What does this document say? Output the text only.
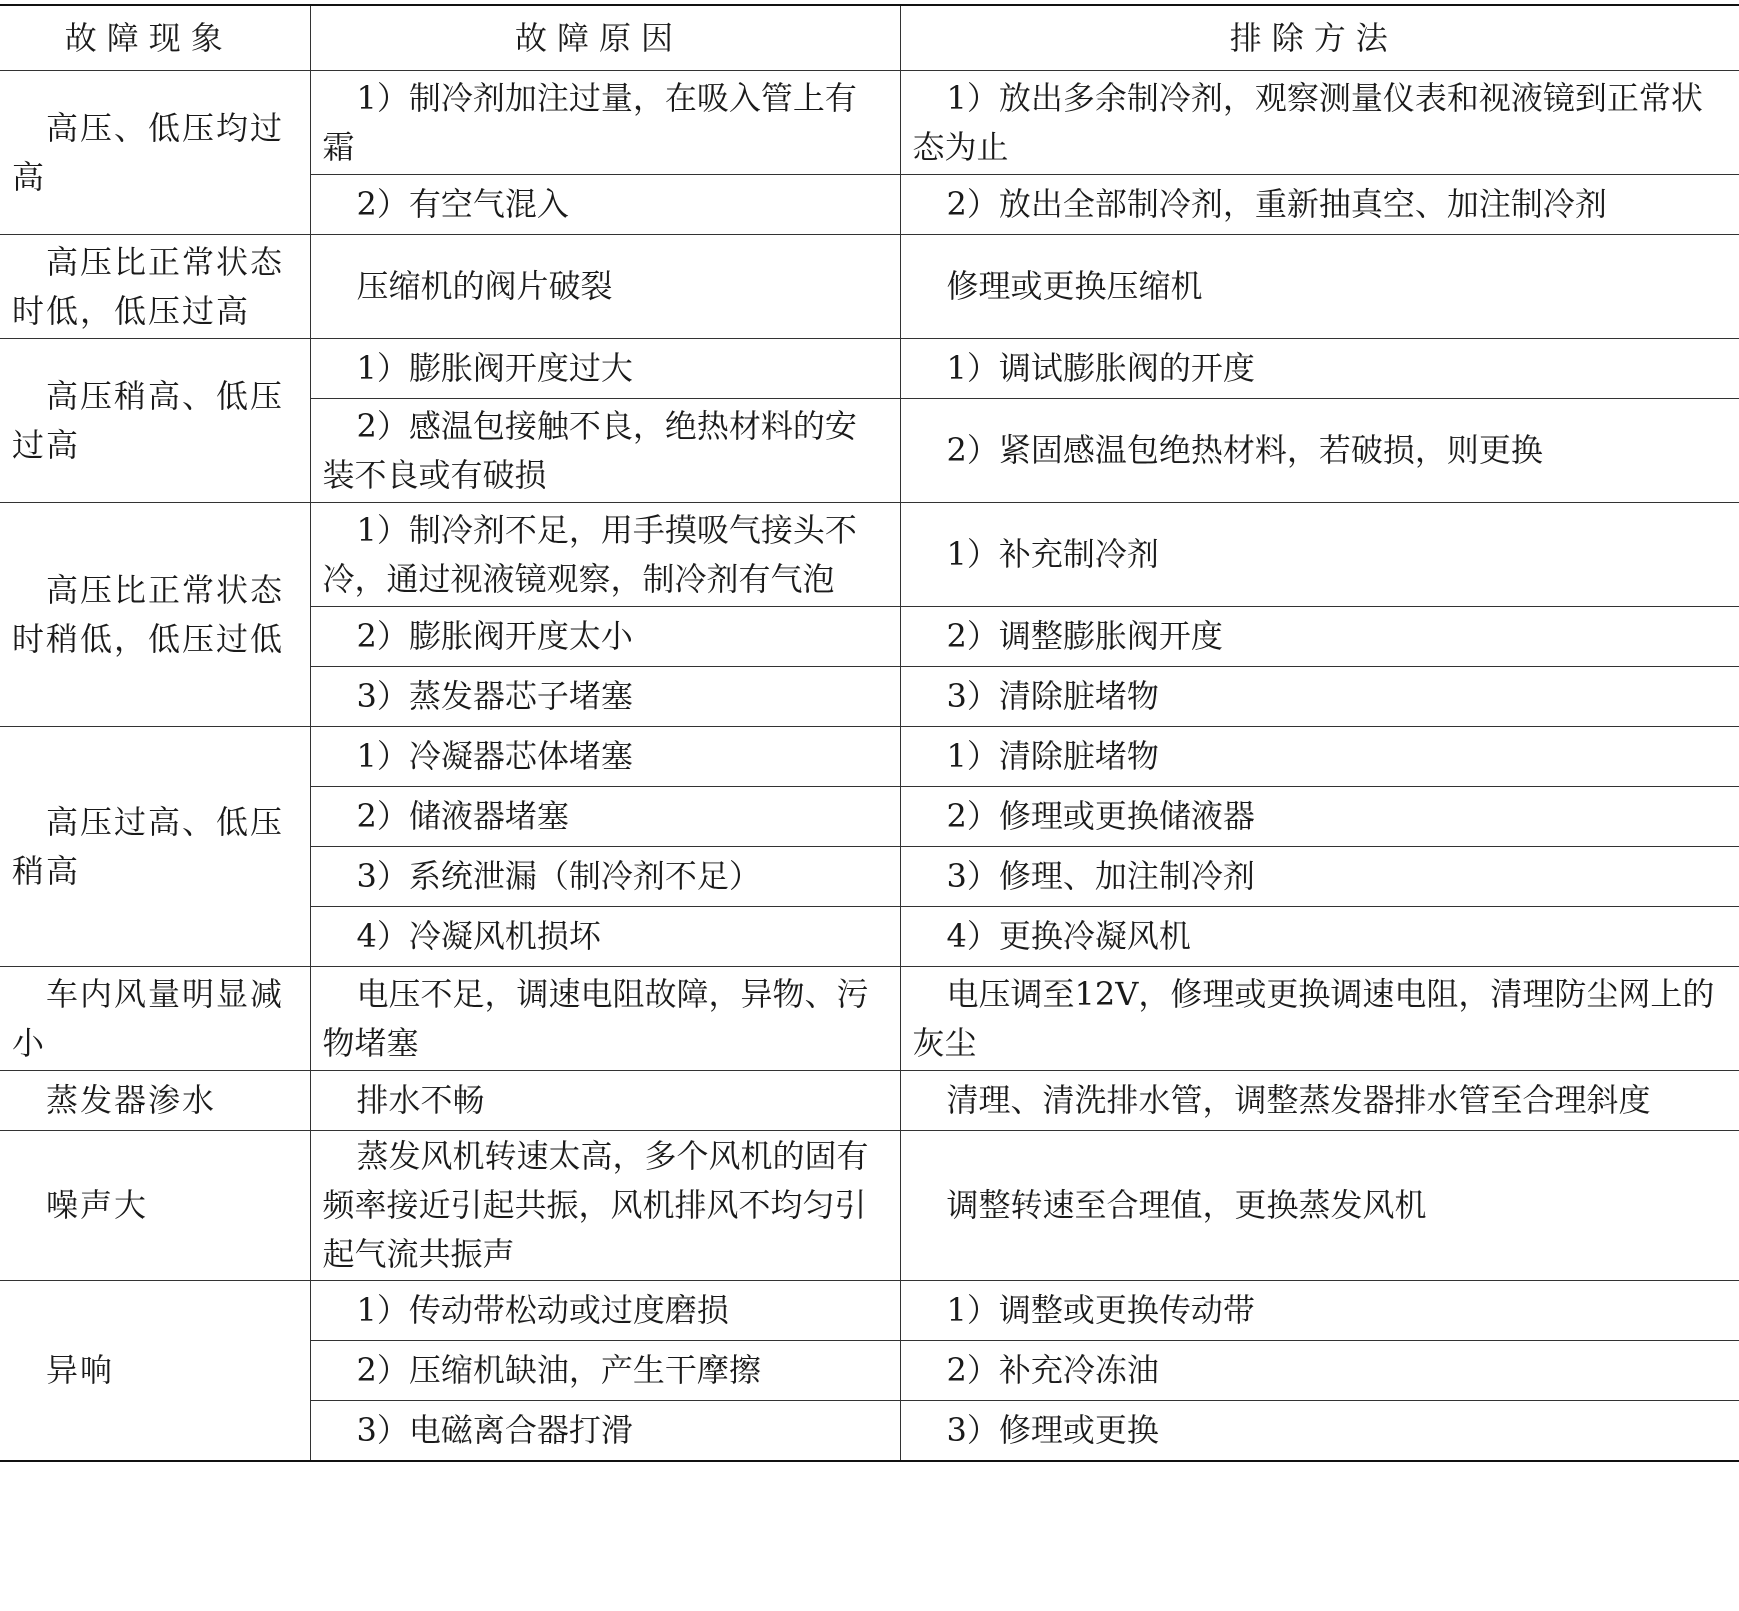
故障现象	故障原因	排除方法
高压、低压均过高	1）制冷剂加注过量，在吸入管上有霜	1）放出多余制冷剂，观察测量仪表和视液镜到正常状态为止
	2）有空气混入	2）放出全部制冷剂，重新抽真空、加注制冷剂
高压比正常状态时低，低压过高	压缩机的阀片破裂	修理或更换压缩机
高压稍高、低压过高	1）膨胀阀开度过大	1）调试膨胀阀的开度
	2）感温包接触不良，绝热材料的安装不良或有破损	2）紧固感温包绝热材料，若破损，则更换
高压比正常状态时稍低，低压过低	1）制冷剂不足，用手摸吸气接头不冷，通过视液镜观察，制冷剂有气泡	1）补充制冷剂
	2）膨胀阀开度太小	2）调整膨胀阀开度
	3）蒸发器芯子堵塞	3）清除脏堵物
高压过高、低压稍高	1）冷凝器芯体堵塞	1）清除脏堵物
	2）储液器堵塞	2）修理或更换储液器
	3）系统泄漏（制冷剂不足）	3）修理、加注制冷剂
	4）冷凝风机损坏	4）更换冷凝风机
车内风量明显减小	电压不足，调速电阻故障，异物、污物堵塞	电压调至12V，修理或更换调速电阻，清理防尘网上的灰尘
蒸发器渗水	排水不畅	清理、清洗排水管，调整蒸发器排水管至合理斜度
噪声大	蒸发风机转速太高，多个风机的固有频率接近引起共振，风机排风不均匀引起气流共振声	调整转速至合理值，更换蒸发风机
异响	1）传动带松动或过度磨损	1）调整或更换传动带
	2）压缩机缺油，产生干摩擦	2）补充冷冻油
	3）电磁离合器打滑	3）修理或更换
